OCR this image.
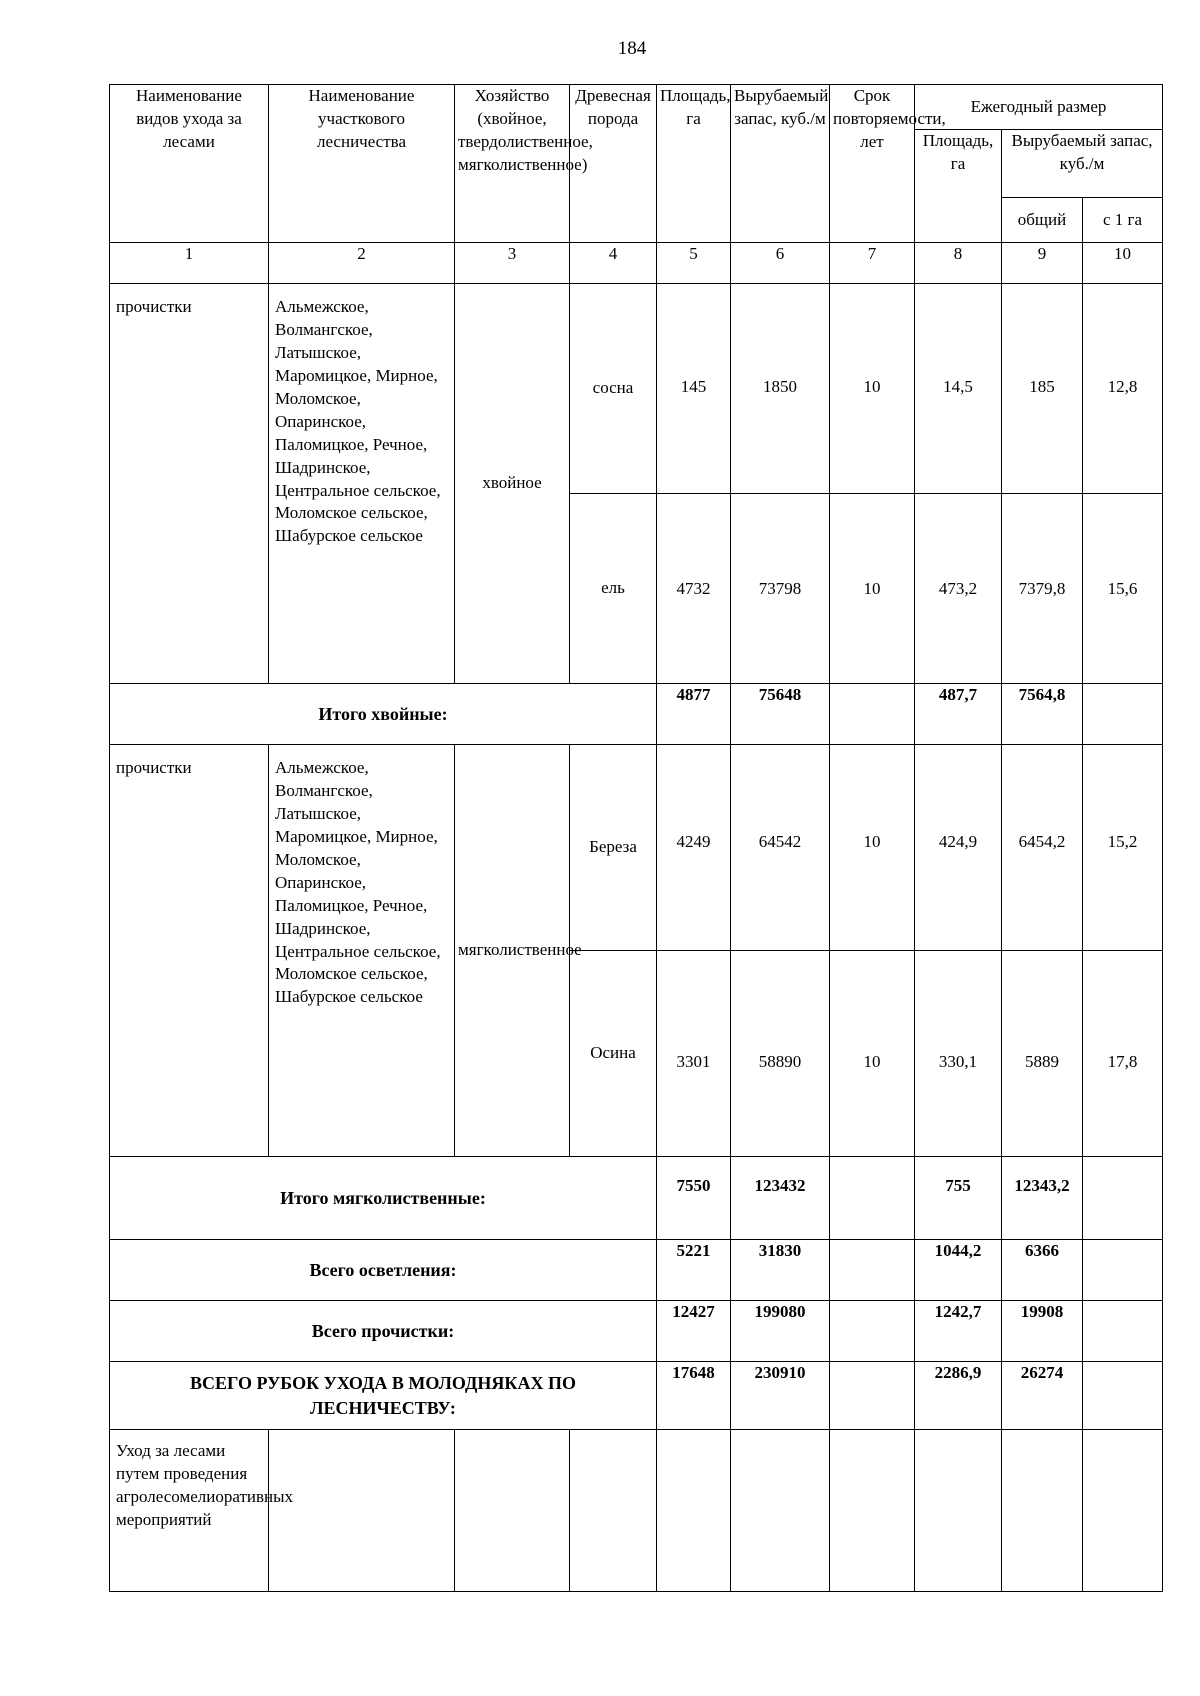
184
Наименование видов ухода за лесами	Наименование участкового лесничества	Хозяйство (хвойное, твердолиственное, мягколиственное)	Древесная порода	Площадь, га	Вырубаемый запас, куб./м	Срок повторяемости, лет	Ежегодный размер		
							Площадь, га	Вырубаемый запас, куб./м	
								общий	с 1 га
1	2	3	4	5	6	7	8	9	10
прочистки	Альмежское, Волмангское, Латышское, Маромицкое, Мирное, Моломское, Опаринское, Паломицкое, Речное, Шадринское, Центральное сельское, Моломское сельское, Шабурское сельское	хвойное	сосна	145	1850	10	14,5	185	12,8
			ель	4732	73798	10	473,2	7379,8	15,6
Итого хвойные:				4877	75648		487,7	7564,8	
прочистки	Альмежское, Волмангское, Латышское, Маромицкое, Мирное, Моломское, Опаринское, Паломицкое, Речное, Шадринское, Центральное сельское, Моломское сельское, Шабурское сельское	мягколиственное	Береза	4249	64542	10	424,9	6454,2	15,2
			Осина	3301	58890	10	330,1	5889	17,8
Итого мягколиственные:				7550	123432		755	12343,2	
Всего осветления:				5221	31830		1044,2	6366	
Всего прочистки:				12427	199080		1242,7	19908	
ВСЕГО РУБОК УХОДА В МОЛОДНЯКАХ ПО ЛЕСНИЧЕСТВУ:				17648	230910		2286,9	26274	
Уход за лесами путем проведения агролесомелиоративных мероприятий									
